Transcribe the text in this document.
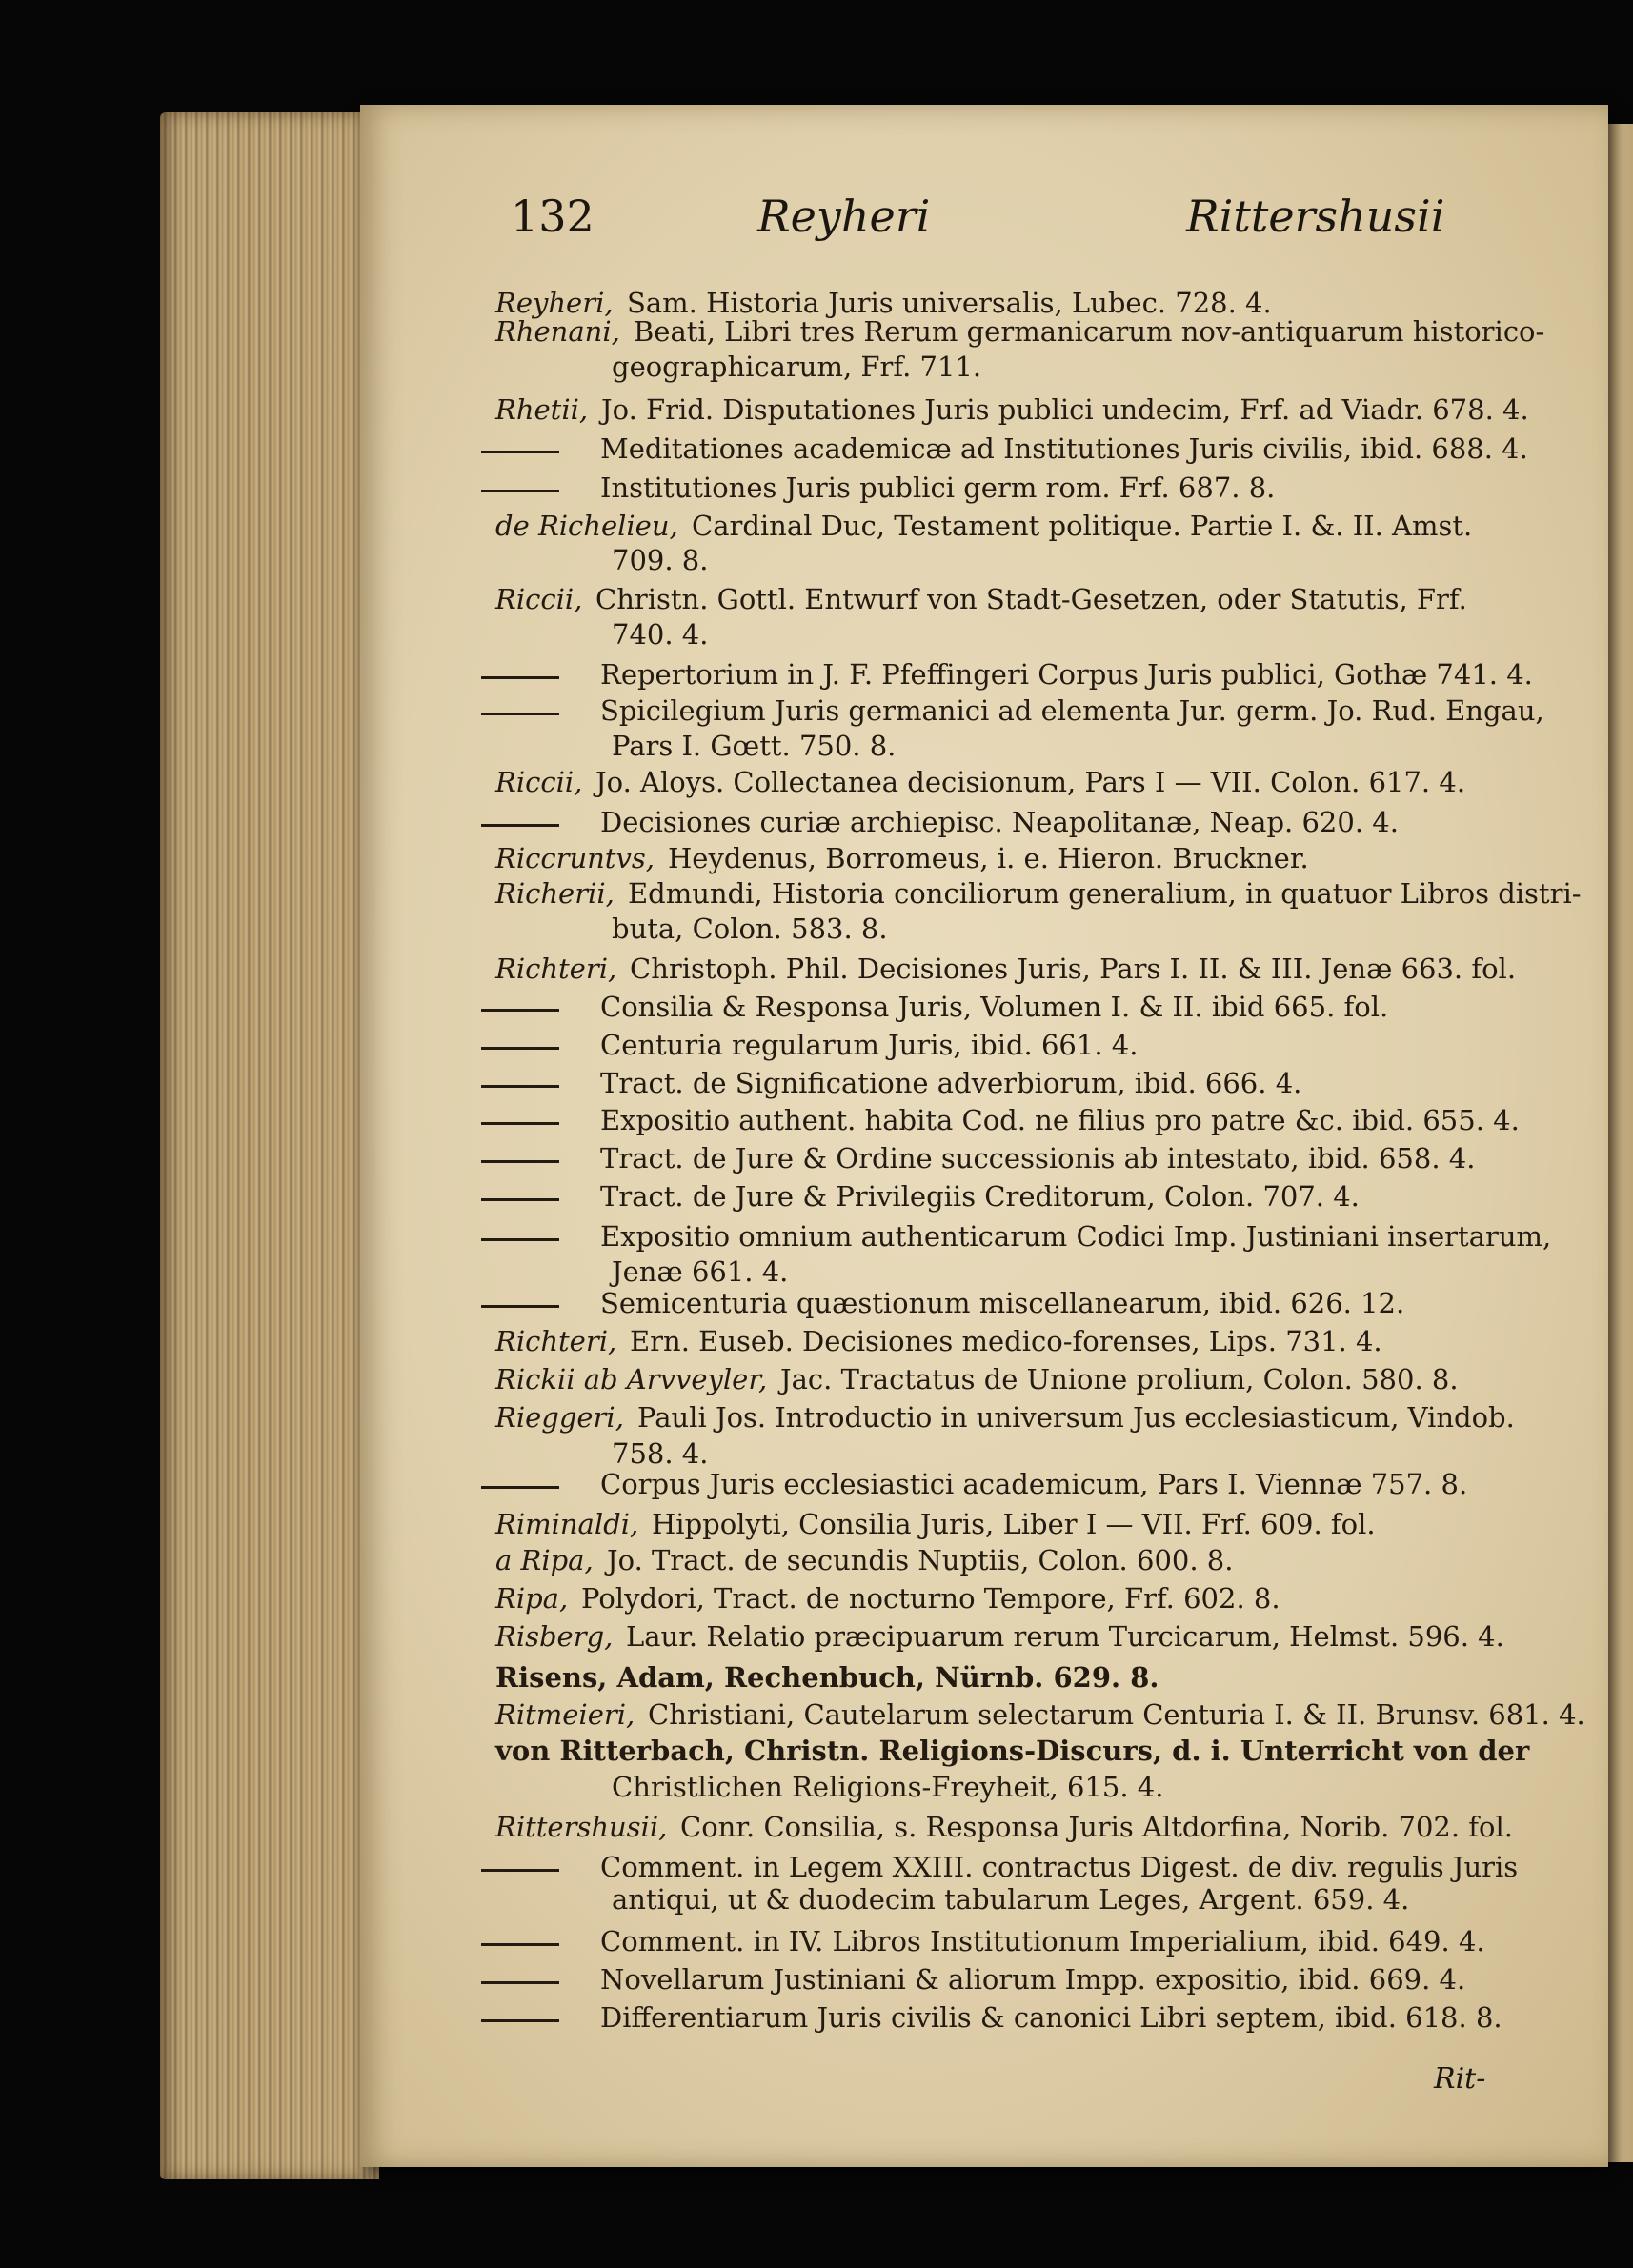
132	Reyheri	Rittershusii
Reyheri, Sam. Historia Juris universalis, Lubec. 728. 4.
Rhenani, Beati, Libri tres Rerum germanicarum nov-antiquarum historico-
geographicarum, Frf. 711.
Rhetii, Jo. Frid. Disputationes Juris publici undecim, Frf. ad Viadr. 678. 4.
Meditationes academicæ ad Institutiones Juris civilis, ibid. 688. 4.
Institutiones Juris publici germ rom. Frf. 687. 8.
de Richelieu, Cardinal Duc, Testament politique. Partie I. &. II. Amst.
709. 8.
Riccii, Christn. Gottl. Entwurf von Stadt-Gesetzen, oder Statutis, Frf.
740. 4.
Repertorium in J. F. Pfeffingeri Corpus Juris publici, Gothæ 741. 4.
Spicilegium Juris germanici ad elementa Jur. germ. Jo. Rud. Engau,
Pars I. Gœtt. 750. 8.
Riccii, Jo. Aloys. Collectanea decisionum, Pars I — VII. Colon. 617. 4.
Decisiones curiæ archiepisc. Neapolitanæ, Neap. 620. 4.
Riccruntvs, Heydenus, Borromeus, i. e. Hieron. Bruckner.
Richerii, Edmundi, Historia conciliorum generalium, in quatuor Libros distri-
buta, Colon. 583. 8.
Richteri, Christoph. Phil. Decisiones Juris, Pars I. II. & III. Jenæ 663. fol.
Consilia & Responsa Juris, Volumen I. & II. ibid 665. fol.
Centuria regularum Juris, ibid. 661. 4.
Tract. de Significatione adverbiorum, ibid. 666. 4.
Expositio authent. habita Cod. ne filius pro patre &c. ibid. 655. 4.
Tract. de Jure & Ordine successionis ab intestato, ibid. 658. 4.
Tract. de Jure & Privilegiis Creditorum, Colon. 707. 4.
Expositio omnium authenticarum Codici Imp. Justiniani insertarum,
Jenæ 661. 4.
Semicenturia quæstionum miscellanearum, ibid. 626. 12.
Richteri, Ern. Euseb. Decisiones medico-forenses, Lips. 731. 4.
Rickii ab Arvveyler, Jac. Tractatus de Unione prolium, Colon. 580. 8.
Rieggeri, Pauli Jos. Introductio in universum Jus ecclesiasticum, Vindob.
758. 4.
Corpus Juris ecclesiastici academicum, Pars I. Viennæ 757. 8.
Riminaldi, Hippolyti, Consilia Juris, Liber I — VII. Frf. 609. fol.
a Ripa, Jo. Tract. de secundis Nuptiis, Colon. 600. 8.
Ripa, Polydori, Tract. de nocturno Tempore, Frf. 602. 8.
Risberg, Laur. Relatio præcipuarum rerum Turcicarum, Helmst. 596. 4.
Risens, Adam, Rechenbuch, Nürnb. 629. 8.
Ritmeieri, Christiani, Cautelarum selectarum Centuria I. & II. Brunsv. 681. 4.
von Ritterbach, Christn. Religions-Discurs, d. i. Unterricht von der
Christlichen Religions-Freyheit, 615. 4.
Rittershusii, Conr. Consilia, s. Responsa Juris Altdorfina, Norib. 702. fol.
Comment. in Legem XXIII. contractus Digest. de div. regulis Juris
antiqui, ut & duodecim tabularum Leges, Argent. 659. 4.
Comment. in IV. Libros Institutionum Imperialium, ibid. 649. 4.
Novellarum Justiniani & aliorum Impp. expositio, ibid. 669. 4.
Differentiarum Juris civilis & canonici Libri septem, ibid. 618. 8.
Rit-
